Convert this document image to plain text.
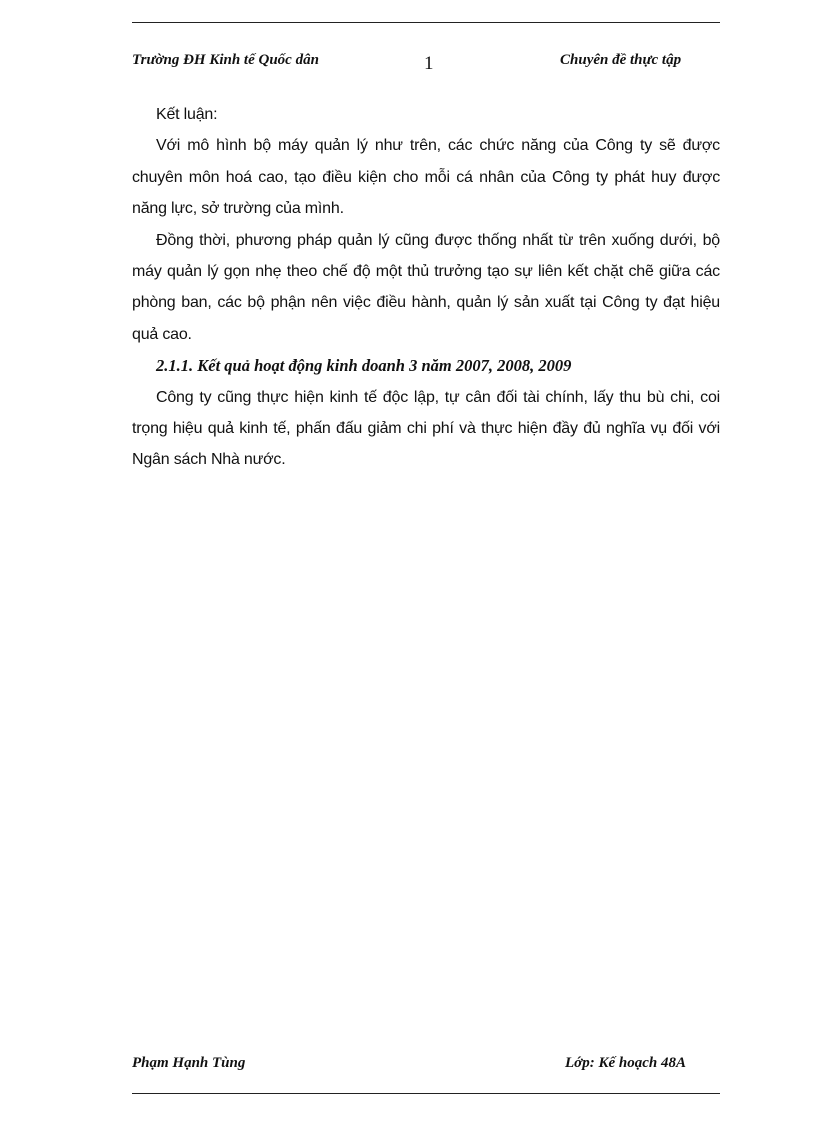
Trường ĐH Kinh tế Quốc dân	1	Chuyên đề thực tập

Kết luận:

Với mô hình bộ máy quản lý như trên, các chức năng của Công ty sẽ được chuyên môn hoá cao, tạo điều kiện cho mỗi cá nhân của Công ty phát huy được năng lực, sở trường của mình.

Đồng thời, phương pháp quản lý cũng được thống nhất từ trên xuống dưới, bộ máy quản lý gọn nhẹ theo chế độ một thủ trưởng tạo sự liên kết chặt chẽ giữa các phòng ban, các bộ phận nên việc điều hành, quản lý sản xuất tại Công ty đạt hiệu quả cao.

2.1.1. Kết quả hoạt động kinh doanh 3 năm 2007, 2008, 2009

Công ty cũng thực hiện kinh tế độc lập, tự cân đối tài chính, lấy thu bù chi, coi trọng hiệu quả kinh tế, phấn đấu giảm chi phí và thực hiện đầy đủ nghĩa vụ đối với Ngân sách Nhà nước.

Phạm Hạnh Tùng	Lớp: Kế hoạch 48A
